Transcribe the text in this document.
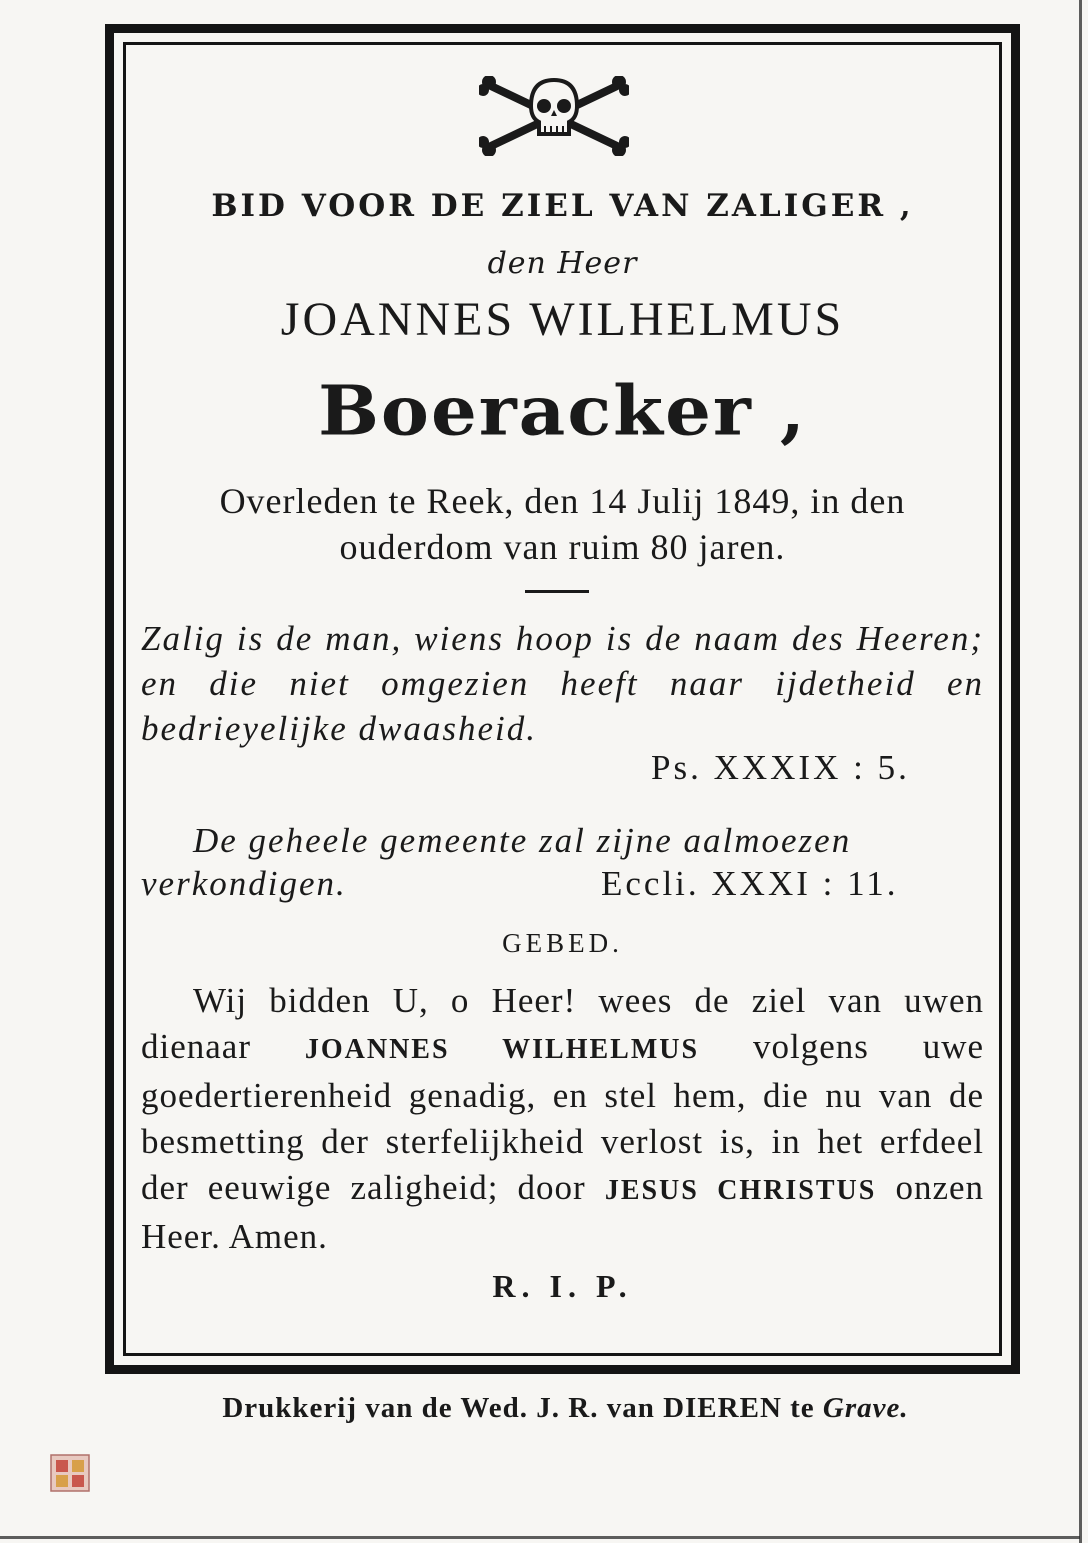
BID VOOR DE ZIEL VAN ZALIGER ,
den Heer
JOANNES WILHELMUS
Boeracker ,
Overleden te Reek, den 14 Julij 1849, in den ouderdom van ruim 80 jaren.
Zalig is de man, wiens hoop is de naam des Heeren; en die niet omgezien heeft naar ijdetheid en bedrieyelijke dwaasheid.
Ps. XXXIX : 5.
De geheele gemeente zal zijne aalmoezen
verkondigen.	Eccli. XXXI : 11.
GEBED.
Wij bidden U, o Heer! wees de ziel van uwen dienaar JOANNES WILHELMUS volgens uwe goedertierenheid genadig, en stel hem, die nu van de besmetting der sterfelijkheid verlost is, in het erfdeel der eeuwige zaligheid; door JESUS CHRISTUS onzen Heer. Amen.
R. I. P.
Drukkerij van de Wed. J. R. van DIEREN te Grave.
